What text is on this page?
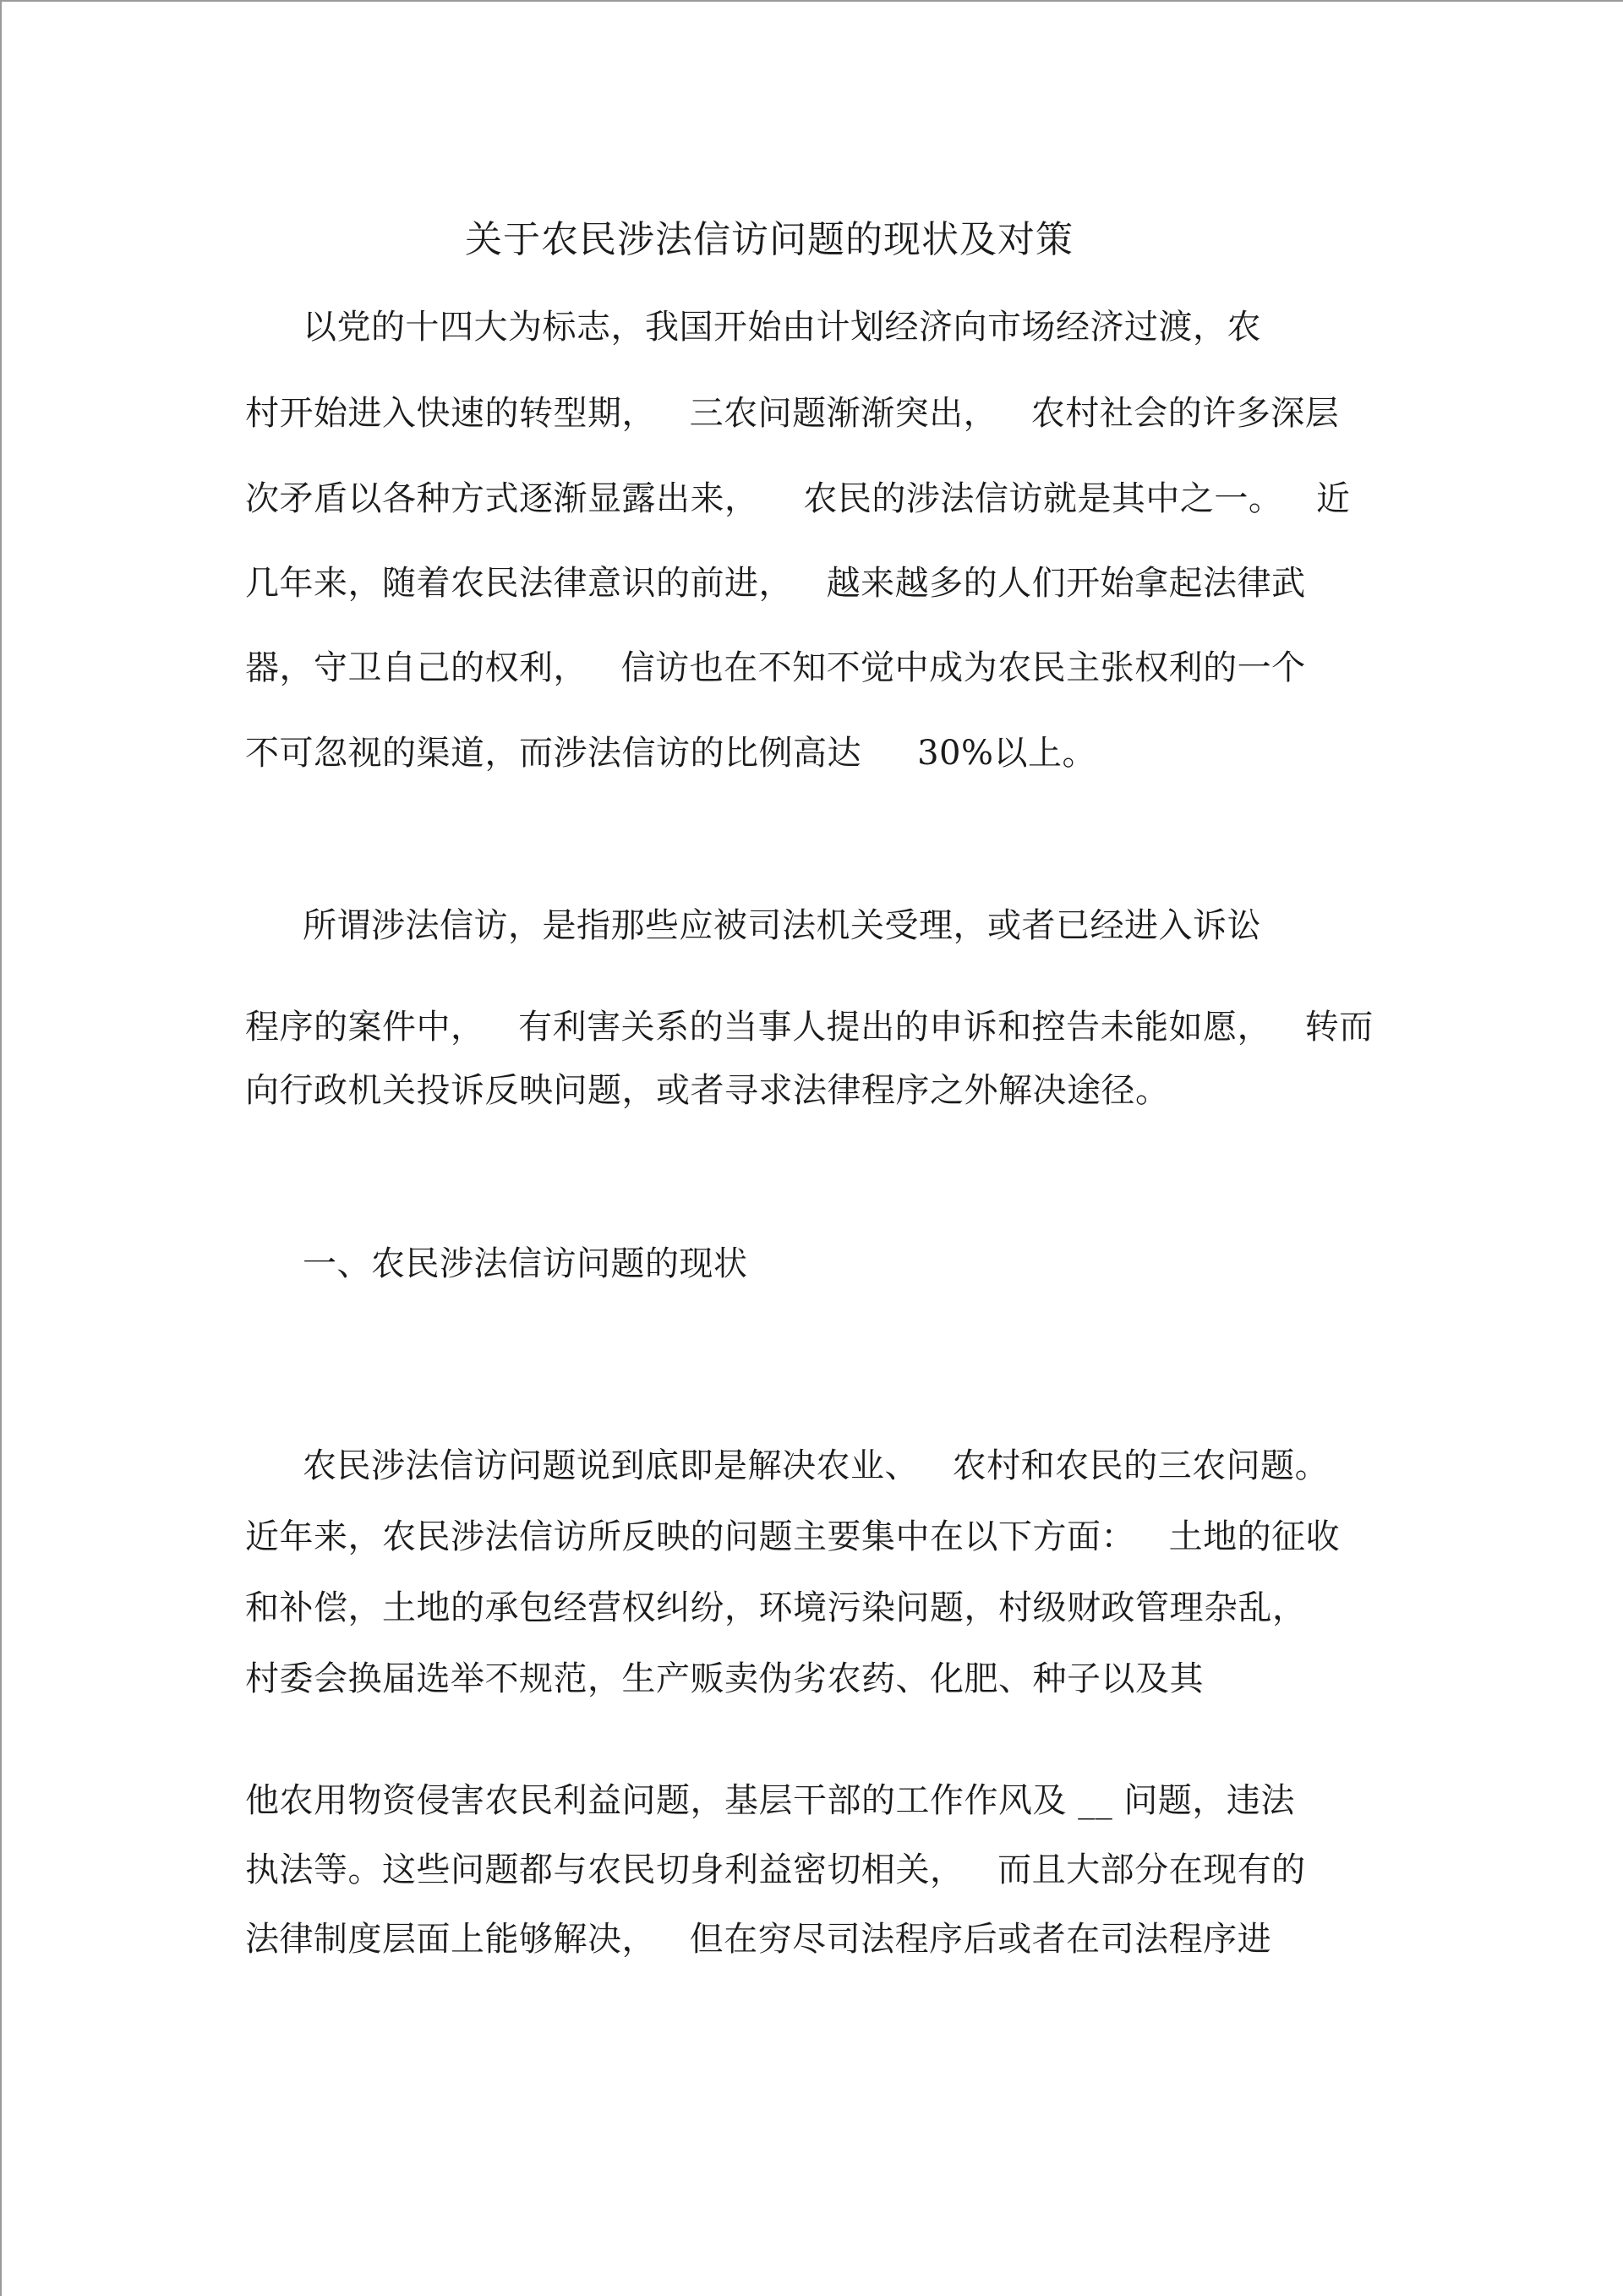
关于农民涉法信访问题的现状及对策
以党的十四大为标志，我国开始由计划经济向市场经济过渡，农
村开始进入快速的转型期，   三农问题渐渐突出，   农村社会的许多深层
次矛盾以各种方式逐渐显露出来，    农民的涉法信访就是其中之一。   近
几年来，随着农民法律意识的前进，   越来越多的人们开始拿起法律武
器，守卫自己的权利，   信访也在不知不觉中成为农民主张权利的一个
不可忽视的渠道，而涉法信访的比例高达     30%以上。
所谓涉法信访，是指那些应被司法机关受理，或者已经进入诉讼
程序的案件中，   有利害关系的当事人提出的申诉和控告未能如愿，   转而
向行政机关投诉反映问题，或者寻求法律程序之外解决途径。
一、农民涉法信访问题的现状
农民涉法信访问题说到底即是解决农业、   农村和农民的三农问题。
近年来，农民涉法信访所反映的问题主要集中在以下方面：   土地的征收
和补偿，土地的承包经营权纠纷，环境污染问题，村级财政管理杂乱，
村委会换届选举不规范，生产贩卖伪劣农药、化肥、种子以及其
他农用物资侵害农民利益问题，基层干部的工作作风及 __ 问题，违法
执法等。这些问题都与农民切身利益密切相关，   而且大部分在现有的
法律制度层面上能够解决，   但在穷尽司法程序后或者在司法程序进
